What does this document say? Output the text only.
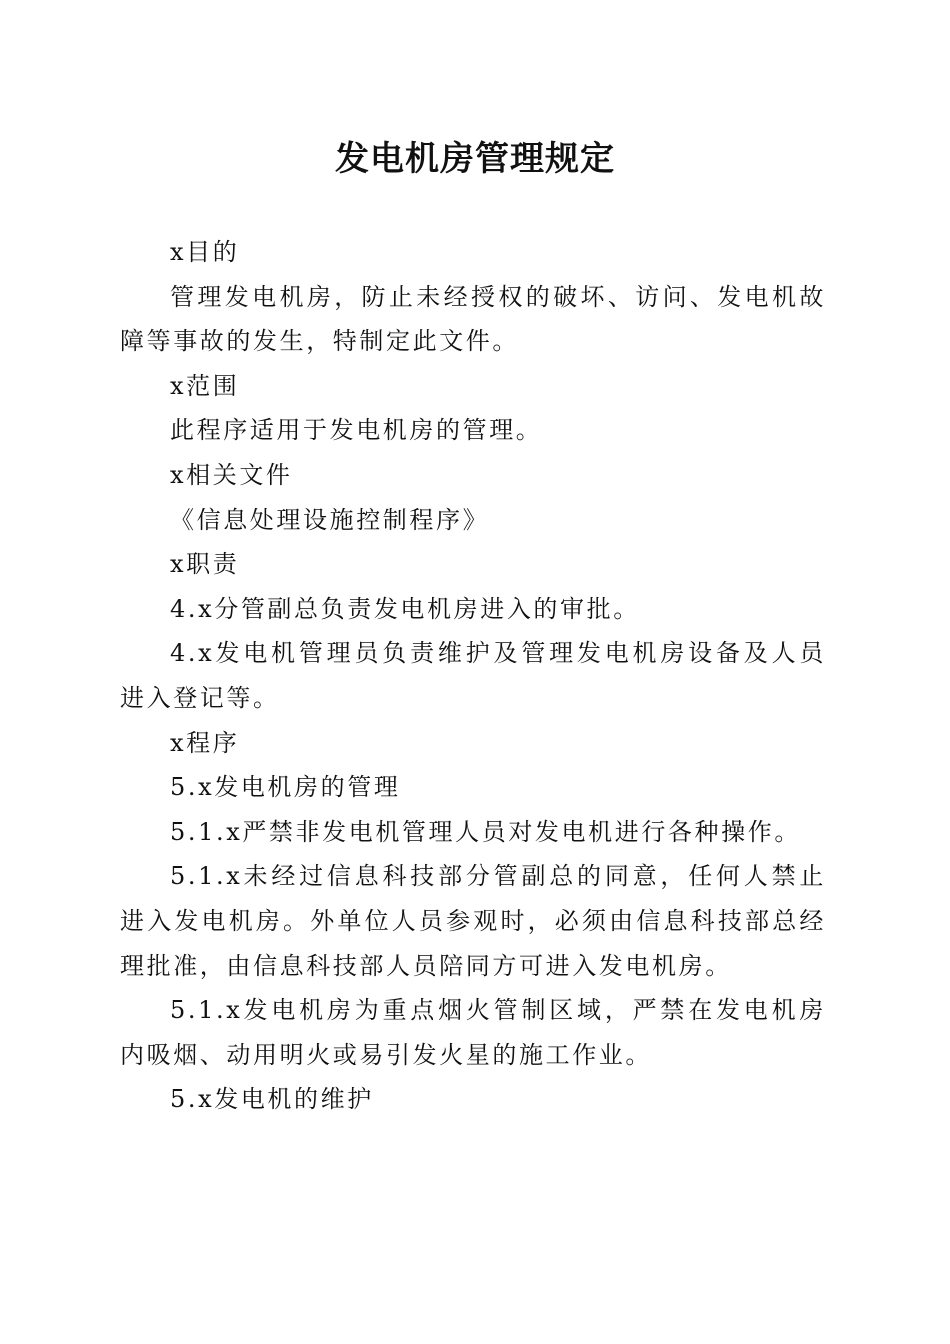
发电机房管理规定

x目的

管理发电机房，防止未经授权的破坏、访问、发电机故障等事故的发生，特制定此文件。

x范围

此程序适用于发电机房的管理。

x相关文件

《信息处理设施控制程序》

x职责

4.x分管副总负责发电机房进入的审批。

4.x发电机管理员负责维护及管理发电机房设备及人员进入登记等。

x程序

5.x发电机房的管理

5.1.x严禁非发电机管理人员对发电机进行各种操作。

5.1.x未经过信息科技部分管副总的同意，任何人禁止进入发电机房。外单位人员参观时，必须由信息科技部总经理批准，由信息科技部人员陪同方可进入发电机房。

5.1.x发电机房为重点烟火管制区域，严禁在发电机房内吸烟、动用明火或易引发火星的施工作业。

5.x发电机的维护
